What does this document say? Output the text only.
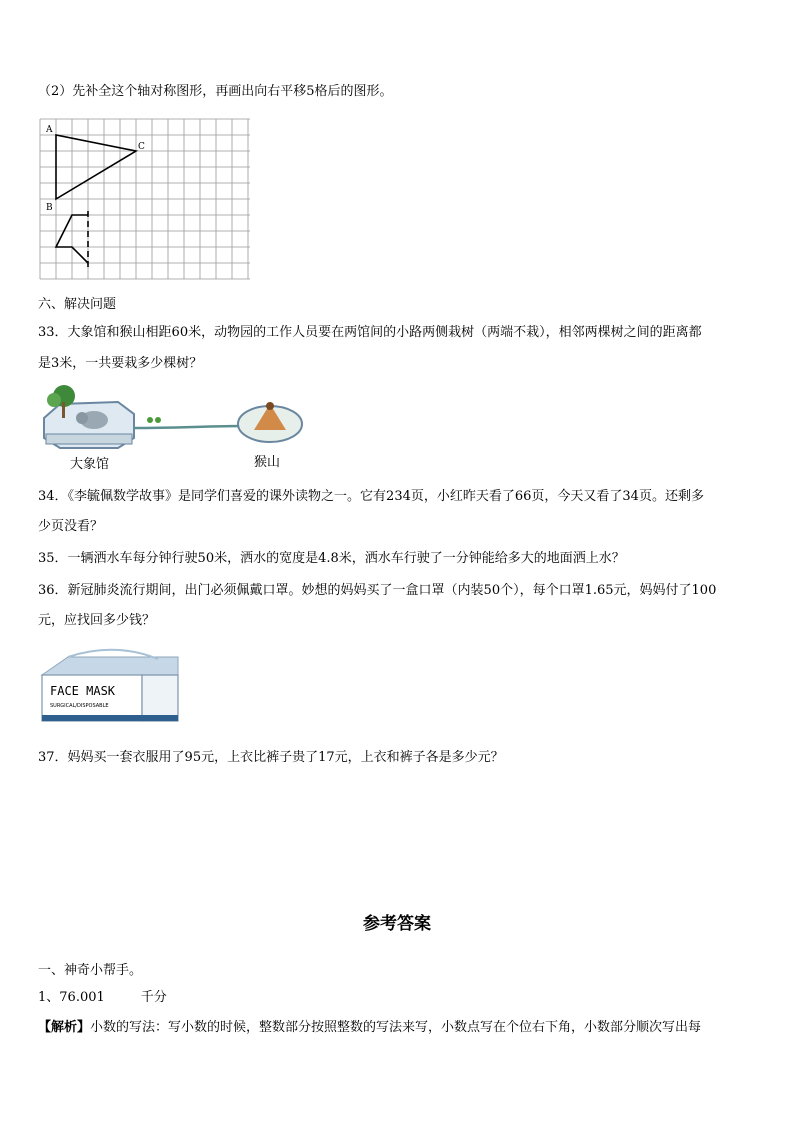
（2）先补全这个轴对称图形，再画出向右平移5格后的图形。
A
B
C
六、解决问题
33．大象馆和猴山相距60米，动物园的工作人员要在两馆间的小路两侧栽树（两端不栽），相邻两棵树之间的距离都
是3米，一共要栽多少棵树？
大象馆	猴山
34．《李毓佩数学故事》是同学们喜爱的课外读物之一。它有234页，小红昨天看了66页，今天又看了34页。还剩多
少页没看？
35．一辆洒水车每分钟行驶50米，洒水的宽度是4.8米，洒水车行驶了一分钟能给多大的地面洒上水？
36．新冠肺炎流行期间，出门必须佩戴口罩。妙想的妈妈买了一盒口罩（内装50个），每个口罩1.65元，妈妈付了100
元，应找回多少钱？
FACE MASK
SURGICAL/DISPOSABLE
37．妈妈买一套衣服用了95元，上衣比裤子贵了17元，上衣和裤子各是多少元？
参考答案
一、神奇小帮手。
1、76.001	千分
【解析】小数的写法：写小数的时候，整数部分按照整数的写法来写，小数点写在个位右下角，小数部分顺次写出每
